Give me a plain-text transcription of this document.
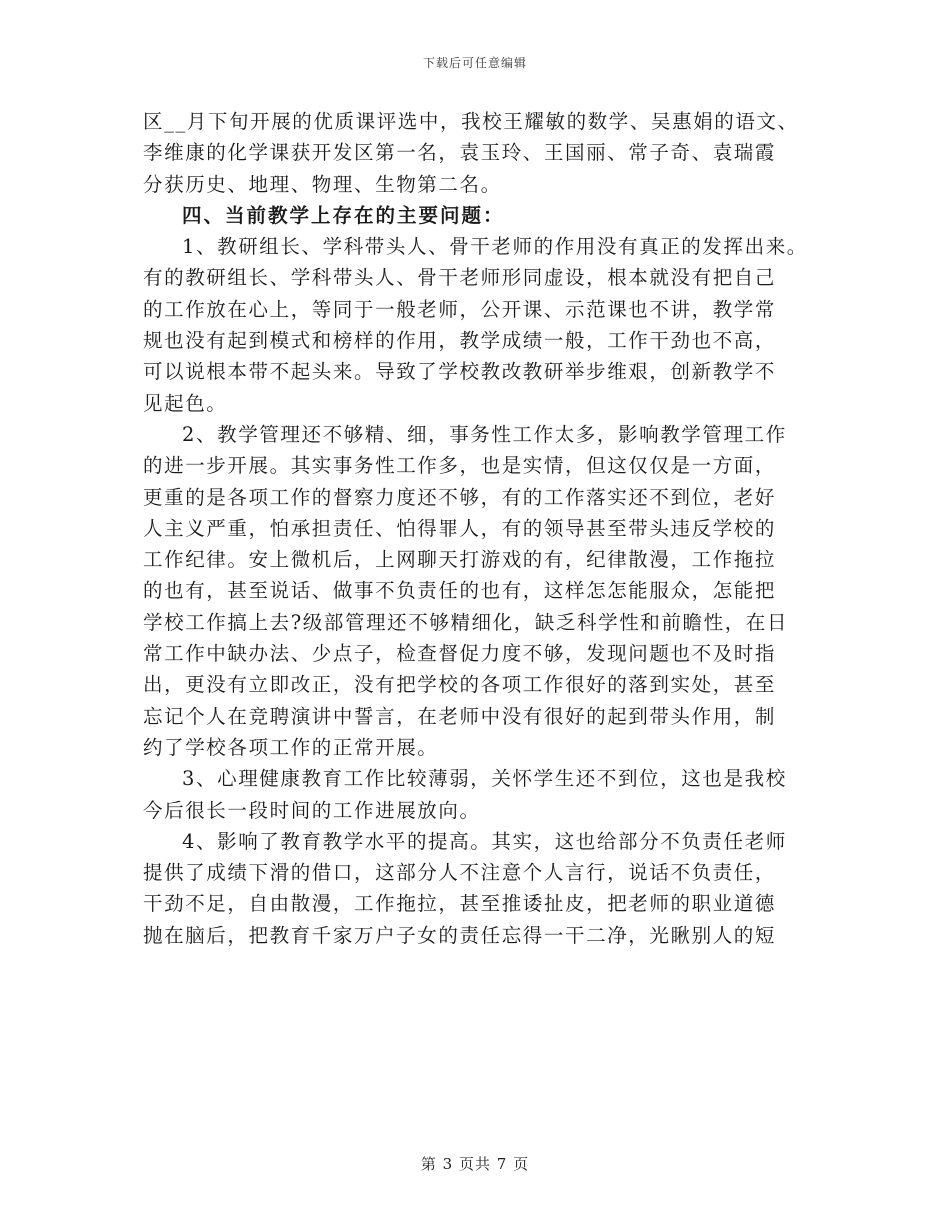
下载后可任意编辑
区__月下旬开展的优质课评选中，我校王耀敏的数学、吴惠娟的语文、
李维康的化学课获开发区第一名，袁玉玲、王国丽、常子奇、袁瑞霞
分获历史、地理、物理、生物第二名。
四、当前教学上存在的主要问题：
1、教研组长、学科带头人、骨干老师的作用没有真正的发挥出来。
有的教研组长、学科带头人、骨干老师形同虚设，根本就没有把自己
的工作放在心上，等同于一般老师，公开课、示范课也不讲，教学常
规也没有起到模式和榜样的作用，教学成绩一般，工作干劲也不高，
可以说根本带不起头来。导致了学校教改教研举步维艰，创新教学不
见起色。
2、教学管理还不够精、细，事务性工作太多，影响教学管理工作
的进一步开展。其实事务性工作多，也是实情，但这仅仅是一方面，
更重的是各项工作的督察力度还不够，有的工作落实还不到位，老好
人主义严重，怕承担责任、怕得罪人，有的领导甚至带头违反学校的
工作纪律。安上微机后，上网聊天打游戏的有，纪律散漫，工作拖拉
的也有，甚至说话、做事不负责任的也有，这样怎怎能服众，怎能把
学校工作搞上去?级部管理还不够精细化，缺乏科学性和前瞻性，在日
常工作中缺办法、少点子，检查督促力度不够，发现问题也不及时指
出，更没有立即改正，没有把学校的各项工作很好的落到实处，甚至
忘记个人在竞聘演讲中誓言，在老师中没有很好的起到带头作用，制
约了学校各项工作的正常开展。
3、心理健康教育工作比较薄弱，关怀学生还不到位，这也是我校
今后很长一段时间的工作进展放向。
4、影响了教育教学水平的提高。其实，这也给部分不负责任老师
提供了成绩下滑的借口，这部分人不注意个人言行，说话不负责任，
干劲不足，自由散漫，工作拖拉，甚至推诿扯皮，把老师的职业道德
抛在脑后，把教育千家万户子女的责任忘得一干二净，光瞅别人的短
第 3 页共 7 页
